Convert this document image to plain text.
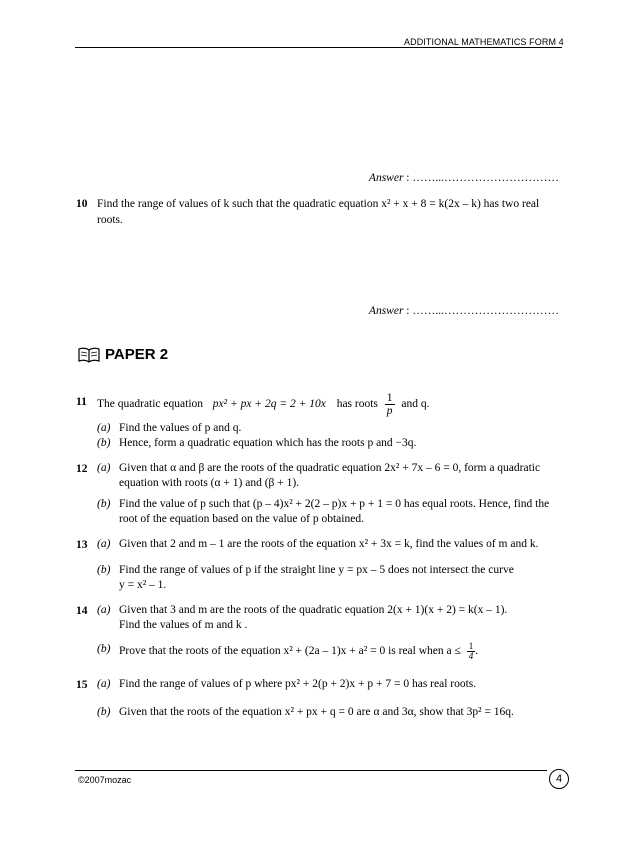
ADDITIONAL MATHEMATICS FORM 4
Answer : ……...…………………………
10 Find the range of values of k such that the quadratic equation x² + x + 8 = k(2x – k) has two real roots.
Answer : ……...…………………………
PAPER 2
11 The quadratic equation px² + px + 2q = 2 + 10x has roots $\frac{1}{p}$ and q.
(a) Find the values of p and q.
(b) Hence, form a quadratic equation which has the roots p and −3q.
12 (a) Given that α and β are the roots of the quadratic equation 2x² + 7x – 6 = 0, form a quadratic equation with roots (α + 1) and (β + 1).
(b) Find the value of p such that (p – 4)x² + 2(2 – p)x + p + 1 = 0 has equal roots. Hence, find the root of the equation based on the value of p obtained.
13 (a) Given that 2 and m – 1 are the roots of the equation x² + 3x = k, find the values of m and k.
(b) Find the range of values of p if the straight line y = px – 5 does not intersect the curve y = x² – 1.
14 (a) Given that 3 and m are the roots of the quadratic equation 2(x + 1)(x + 2) = k(x – 1). Find the values of m and k .
(b) Prove that the roots of the equation x² + (2a – 1)x + a² = 0 is real when $a \le \frac{1}{4}$ .
15 (a) Find the range of values of p where px² + 2(p + 2)x + p + 7 = 0 has real roots.
(b) Given that the roots of the equation x² + px + q = 0 are α and 3α, show that 3p² = 16q.
©2007mozac	4
